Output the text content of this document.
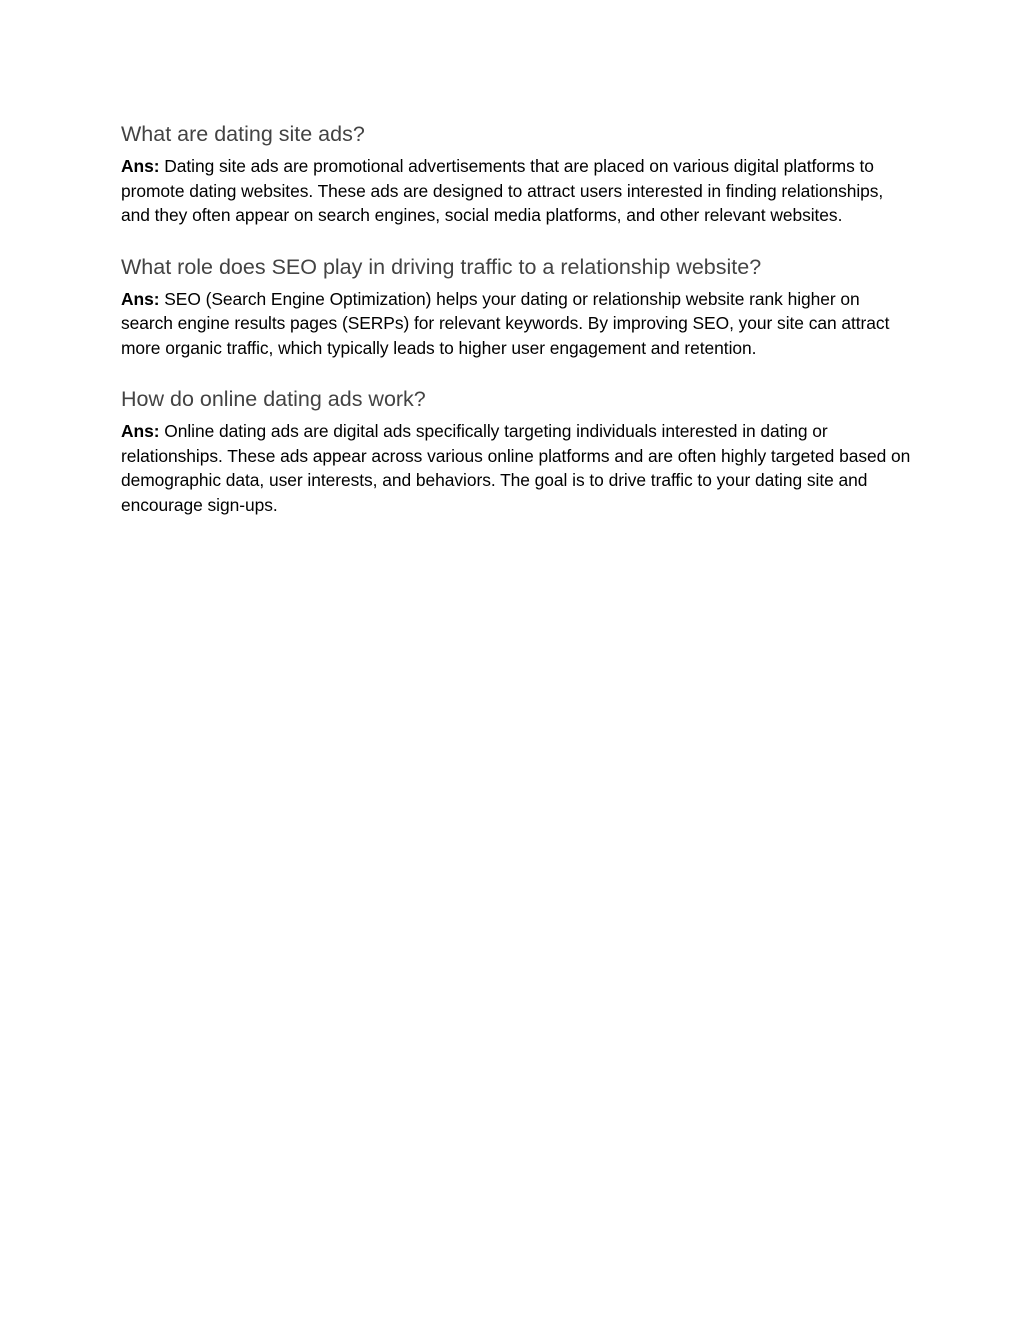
What are dating site ads?

Ans: Dating site ads are promotional advertisements that are placed on various digital platforms to promote dating websites. These ads are designed to attract users interested in finding relationships, and they often appear on search engines, social media platforms, and other relevant websites.

What role does SEO play in driving traffic to a relationship website?

Ans: SEO (Search Engine Optimization) helps your dating or relationship website rank higher on search engine results pages (SERPs) for relevant keywords. By improving SEO, your site can attract more organic traffic, which typically leads to higher user engagement and retention.

How do online dating ads work?

Ans: Online dating ads are digital ads specifically targeting individuals interested in dating or relationships. These ads appear across various online platforms and are often highly targeted based on demographic data, user interests, and behaviors. The goal is to drive traffic to your dating site and encourage sign-ups.
